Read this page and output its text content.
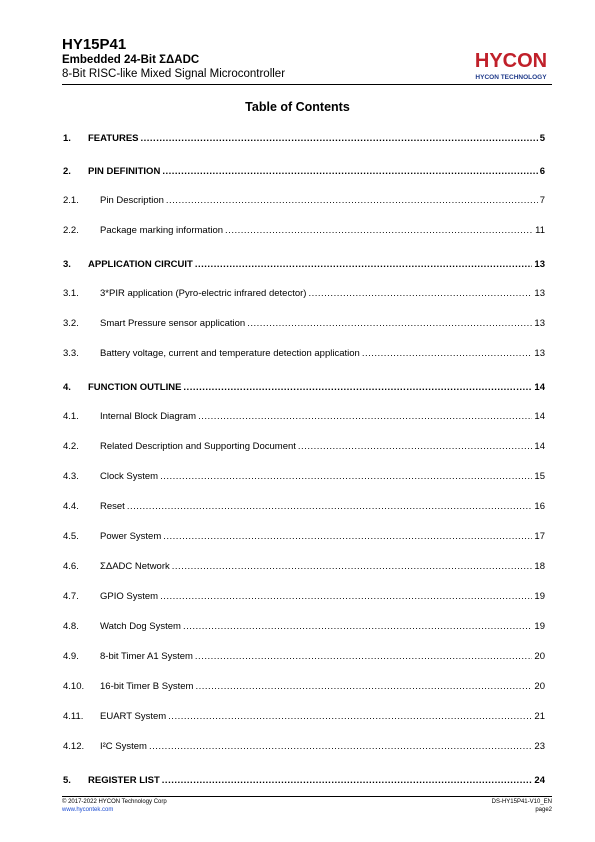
HY15P41
Embedded 24-Bit ΣΔADC
8-Bit RISC-like Mixed Signal Microcontroller
HYCON
HYCON TECHNOLOGY
Table of Contents
1.	FEATURES .....	5
2.	PIN DEFINITION .....	6
2.1.	Pin Description .....	7
2.2.	Package marking information .....	11
3.	APPLICATION CIRCUIT .....	13
3.1.	3*PIR application (Pyro-electric infrared detector) .....	13
3.2.	Smart Pressure sensor application .....	13
3.3.	Battery voltage, current and temperature detection application .....	13
4.	FUNCTION OUTLINE .....	14
4.1.	Internal Block Diagram .....	14
4.2.	Related Description and Supporting Document .....	14
4.3.	Clock System .....	15
4.4.	Reset .....	16
4.5.	Power System .....	17
4.6.	ΣΔADC Network .....	18
4.7.	GPIO System .....	19
4.8.	Watch Dog System .....	19
4.9.	8-bit Timer A1 System .....	20
4.10.	16-bit Timer B System .....	20
4.11.	EUART System .....	21
4.12.	I²C System .....	23
5.	REGISTER LIST .....	24
© 2017-2022 HYCON Technology Corp
www.hycontek.com
DS-HY15P41-V10_EN
page2
